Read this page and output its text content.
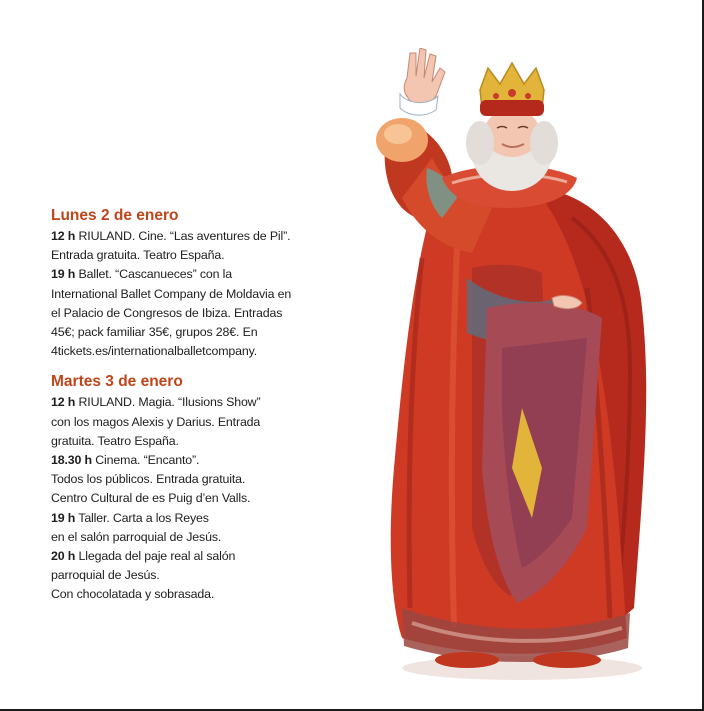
Lunes 2 de enero
12 h RIULAND. Cine. “Las aventures de Pil”.
Entrada gratuita. Teatro España.
19 h Ballet. “Cascanueces” con la
International Ballet Company de Moldavia en
el Palacio de Congresos de Ibiza. Entradas
45€; pack familiar 35€, grupos 28€. En
4tickets.es/internationalballetcompany.
Martes 3 de enero
12 h RIULAND. Magia. “Ilusions Show”
con los magos Alexis y Darius. Entrada
gratuita. Teatro España.
18.30 h Cinema. “Encanto”.
Todos los públicos. Entrada gratuita.
Centro Cultural de es Puig d’en Valls.
19 h Taller. Carta a los Reyes
en el salón parroquial de Jesús.
20 h Llegada del paje real al salón
parroquial de Jesús.
Con chocolatada y sobrasada.
